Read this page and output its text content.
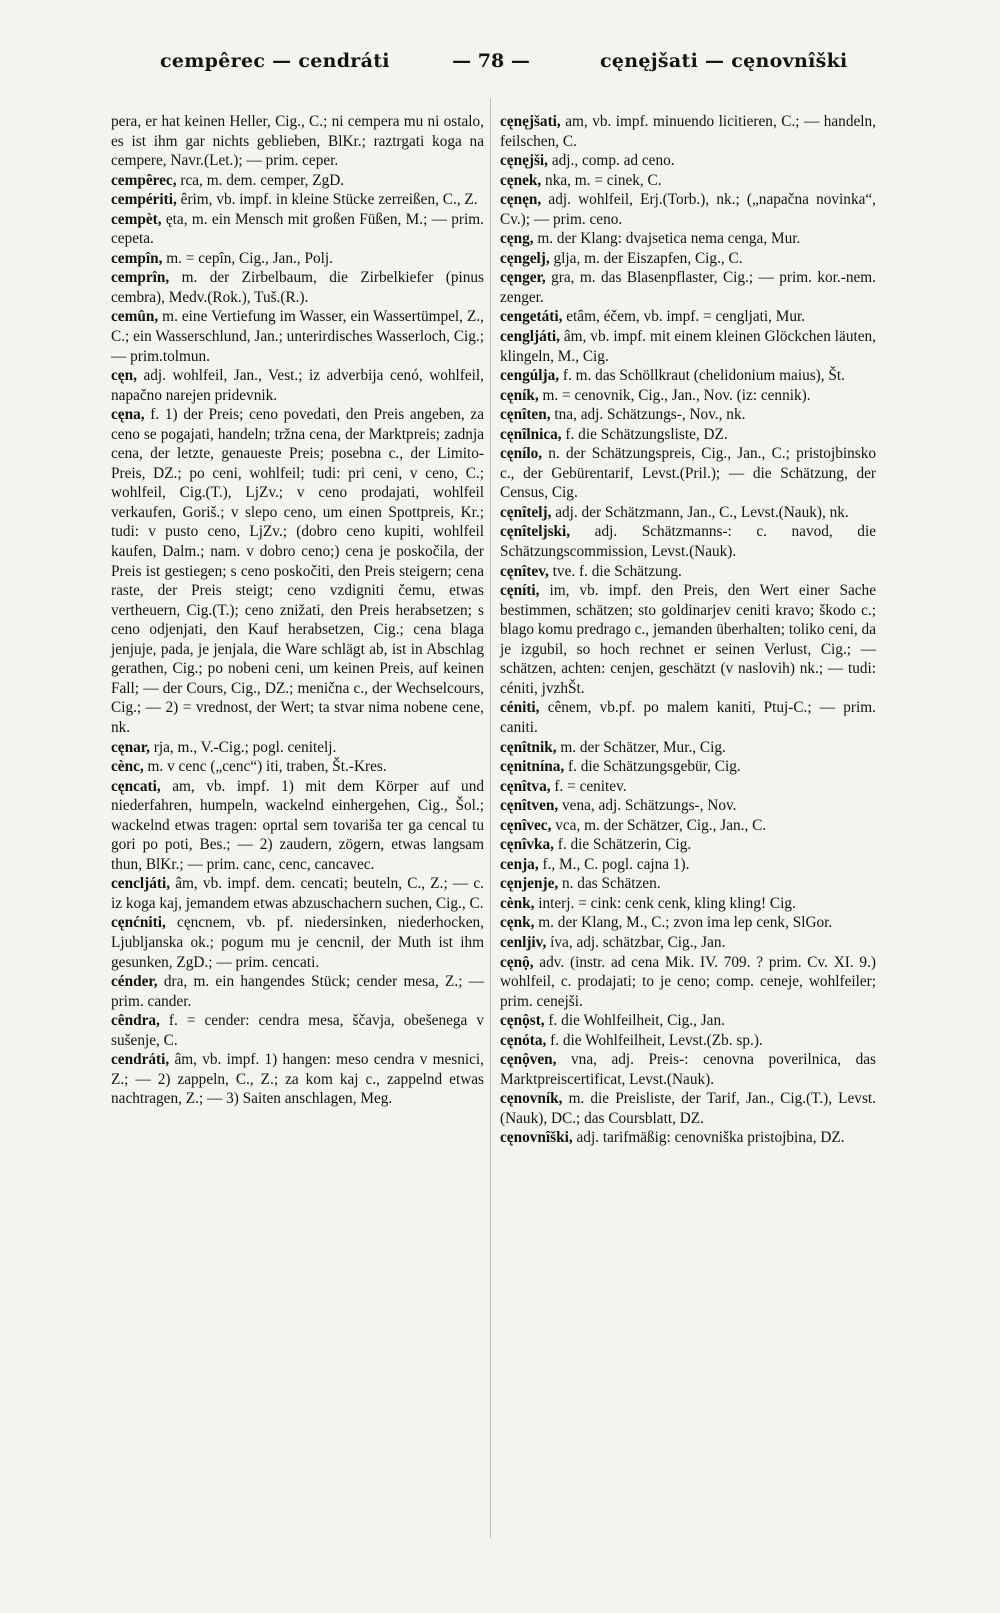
cempêrec — cendráti	— 78 —	cęnęjšati — cęnovnîški

pera, er hat keinen Heller, Cig., C.; ni cempera mu ni ostalo, es ist ihm gar nichts geblieben, BlKr.; raztrgati koga na cempere, Navr.(Let.); — prim. ceper.

cempêrec, rca, m. dem. cemper, ZgD.

cempériti, êrim, vb. impf. in kleine Stücke zerreißen, C., Z.

cempèt, ęta, m. ein Mensch mit großen Füßen, M.; — prim. cepeta.

cempîn, m. = cepîn, Cig., Jan., Polj.

cemprîn, m. der Zirbelbaum, die Zirbelkiefer (pinus cembra), Medv.(Rok.), Tuš.(R.).

cemûn, m. eine Vertiefung im Wasser, ein Wassertümpel, Z., C.; ein Wasserschlund, Jan.; unterirdisches Wasserloch, Cig.; — prim.tolmun.

cęn, adj. wohlfeil, Jan., Vest.; iz adverbija cenó, wohlfeil, napačno narejen pridevnik.

cęna, f. 1) der Preis; ceno povedati, den Preis angeben, za ceno se pogajati, handeln; tržna cena, der Marktpreis; zadnja cena, der letzte, genaueste Preis; posebna c., der Limito-Preis, DZ.; po ceni, wohlfeil; tudi: pri ceni, v ceno, C.; wohlfeil, Cig.(T.), LjZv.; v ceno prodajati, wohlfeil verkaufen, Goriš.; v slepo ceno, um einen Spottpreis, Kr.; tudi: v pusto ceno, LjZv.; (dobro ceno kupiti, wohlfeil kaufen, Dalm.; nam. v dobro ceno;) cena je poskočila, der Preis ist gestiegen; s ceno poskočiti, den Preis steigern; cena raste, der Preis steigt; ceno vzdigniti čemu, etwas vertheuern, Cig.(T.); ceno znižati, den Preis herabsetzen; s ceno odjenjati, den Kauf herabsetzen, Cig.; cena blaga jenjuje, pada, je jenjala, die Ware schlägt ab, ist in Abschlag gerathen, Cig.; po nobeni ceni, um keinen Preis, auf keinen Fall; — der Cours, Cig., DZ.; menična c., der Wechselcours, Cig.; — 2) = vrednost, der Wert; ta stvar nima nobene cene, nk.

cęnar, rja, m., V.-Cig.; pogl. cenitelj.

cènc, m. v cenc („cenc“) iti, traben, Št.-Kres.

cęncati, am, vb. impf. 1) mit dem Körper auf und niederfahren, humpeln, wackelnd einhergehen, Cig., Šol.; wackelnd etwas tragen: oprtal sem tovariša ter ga cencal tu gori po poti, Bes.; — 2) zaudern, zögern, etwas langsam thun, BlKr.; — prim. canc, cenc, cancavec.

cencljáti, âm, vb. impf. dem. cencati; beuteln, C., Z.; — c. iz koga kaj, jemandem etwas abzuschachern suchen, Cig., C.

cęnćniti, cęncnem, vb. pf. niedersinken, niederhocken, Ljubljanska ok.; pogum mu je cencnil, der Muth ist ihm gesunken, ZgD.; — prim. cencati.

cénder, dra, m. ein hangendes Stück; cender mesa, Z.; — prim. cander.

cêndra, f. = cender: cendra mesa, ščavja, obešenega v sušenje, C.

cendráti, âm, vb. impf. 1) hangen: meso cendra v mesnici, Z.; — 2) zappeln, C., Z.; za kom kaj c., zappelnd etwas nachtragen, Z.; — 3) Saiten anschlagen, Meg.

cęnęjšati, am, vb. impf. minuendo licitieren, C.; — handeln, feilschen, C.

cęnęjši, adj., comp. ad ceno.

cęnek, nka, m. = cinek, C.

cęnęn, adj. wohlfeil, Erj.(Torb.), nk.; („napačna novinka“, Cv.); — prim. ceno.

cęng, m. der Klang: dvajsetica nema cenga, Mur.

cęngelj, glja, m. der Eiszapfen, Cig., C.

cęnger, gra, m. das Blasenpflaster, Cig.; — prim. kor.-nem. zenger.

cengetáti, etâm, éčem, vb. impf. = cengljati, Mur.

cengljáti, âm, vb. impf. mit einem kleinen Glöckchen läuten, klingeln, M., Cig.

cengúlja, f. m. das Schöllkraut (chelidonium maius), Št.

cęník, m. = cenovnik, Cig., Jan., Nov. (iz: cennik).

cęnîten, tna, adj. Schätzungs-, Nov., nk.

cęnîlnica, f. die Schätzungsliste, DZ.

cęnílo, n. der Schätzungspreis, Cig., Jan., C.; pristojbinsko c., der Gebürentarif, Levst.(Pril.); — die Schätzung, der Census, Cig.

cęnîtelj, adj. der Schätzmann, Jan., C., Levst.(Nauk), nk.

cęnîteljski, adj. Schätzmanns-: c. navod, die Schätzungscommission, Levst.(Nauk).

cęnîtev, tve. f. die Schätzung.

cęníti, im, vb. impf. den Preis, den Wert einer Sache bestimmen, schätzen; sto goldinarjev ceniti kravo; škodo c.; blago komu predrago c., jemanden überhalten; toliko ceni, da je izgubil, so hoch rechnet er seinen Verlust, Cig.; — schätzen, achten: cenjen, geschätzt (v naslovih) nk.; — tudi: céniti, jvzhŠt.

céniti, cênem, vb.pf. po malem kaniti, Ptuj-C.; — prim. caniti.

cęnîtnik, m. der Schätzer, Mur., Cig.

cęnitnína, f. die Schätzungsgebür, Cig.

cęnîtva, f. = cenitev.

cęnîtven, vena, adj. Schätzungs-, Nov.

cęnîvec, vca, m. der Schätzer, Cig., Jan., C.

cęnîvka, f. die Schätzerin, Cig.

cenja, f., M., C. pogl. cajna 1).

cęnjenje, n. das Schätzen.

cènk, interj. = cink: cenk cenk, kling kling! Cig.

cęnk, m. der Klang, M., C.; zvon ima lep cenk, SlGor.

cenljiv, íva, adj. schätzbar, Cig., Jan.

cęnộ, adv. (instr. ad cena Mik. IV. 709. ? prim. Cv. XI. 9.) wohlfeil, c. prodajati; to je ceno; comp. ceneje, wohlfeiler; prim. cenejši.

cęnộst, f. die Wohlfeilheit, Cig., Jan.

cęnóta, f. die Wohlfeilheit, Levst.(Zb. sp.).

cęnộven, vna, adj. Preis-: cenovna poverilnica, das Marktpreiscertificat, Levst.(Nauk).

cęnovník, m. die Preisliste, der Tarif, Jan., Cig.(T.), Levst.(Nauk), DC.; das Coursblatt, DZ.

cęnovnîški, adj. tarifmäßig: cenovniška pristojbina, DZ.
